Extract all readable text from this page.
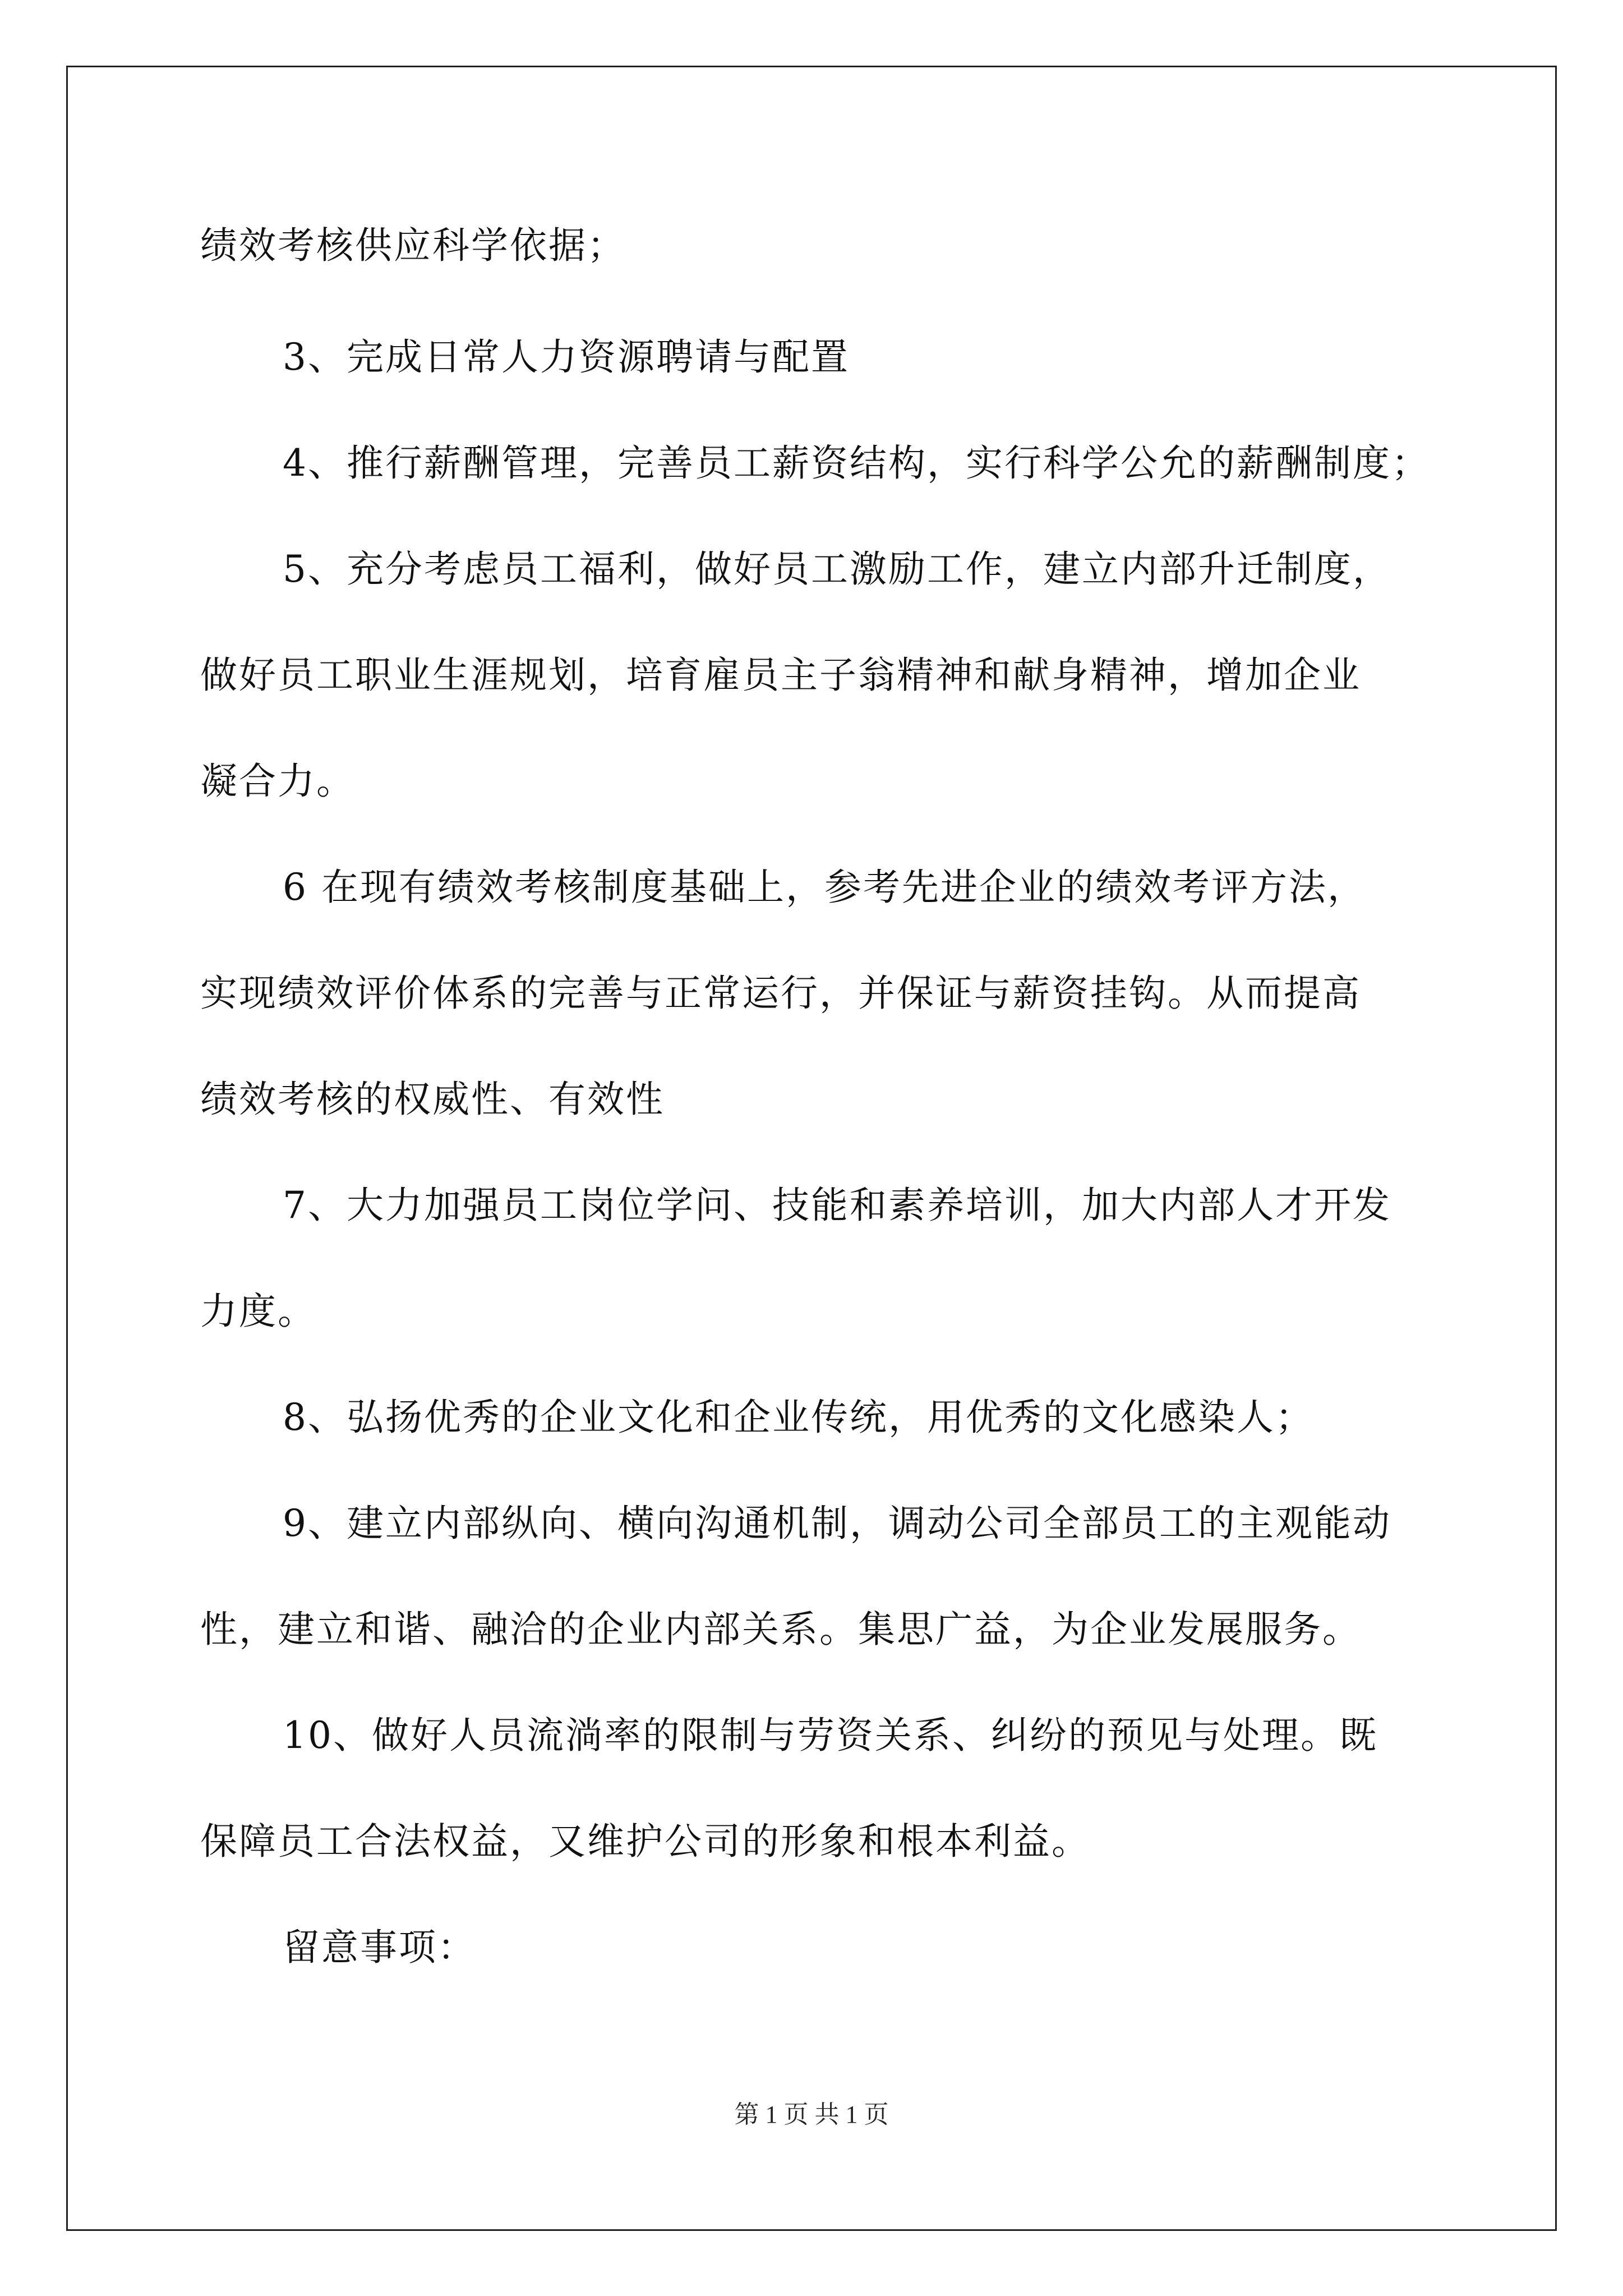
绩效考核供应科学依据；
3、完成日常人力资源聘请与配置
4、推行薪酬管理，完善员工薪资结构，实行科学公允的薪酬制度；
5、充分考虑员工福利，做好员工激励工作，建立内部升迁制度，
做好员工职业生涯规划，培育雇员主子翁精神和献身精神，增加企业
凝合力。
6 在现有绩效考核制度基础上，参考先进企业的绩效考评方法，
实现绩效评价体系的完善与正常运行，并保证与薪资挂钩。从而提高
绩效考核的权威性、有效性
7、大力加强员工岗位学问、技能和素养培训，加大内部人才开发
力度。
8、弘扬优秀的企业文化和企业传统，用优秀的文化感染人；
9、建立内部纵向、横向沟通机制，调动公司全部员工的主观能动
性，建立和谐、融洽的企业内部关系。集思广益，为企业发展服务。
10、做好人员流淌率的限制与劳资关系、纠纷的预见与处理。既
保障员工合法权益，又维护公司的形象和根本利益。
留意事项：
第 1 页 共 1 页
